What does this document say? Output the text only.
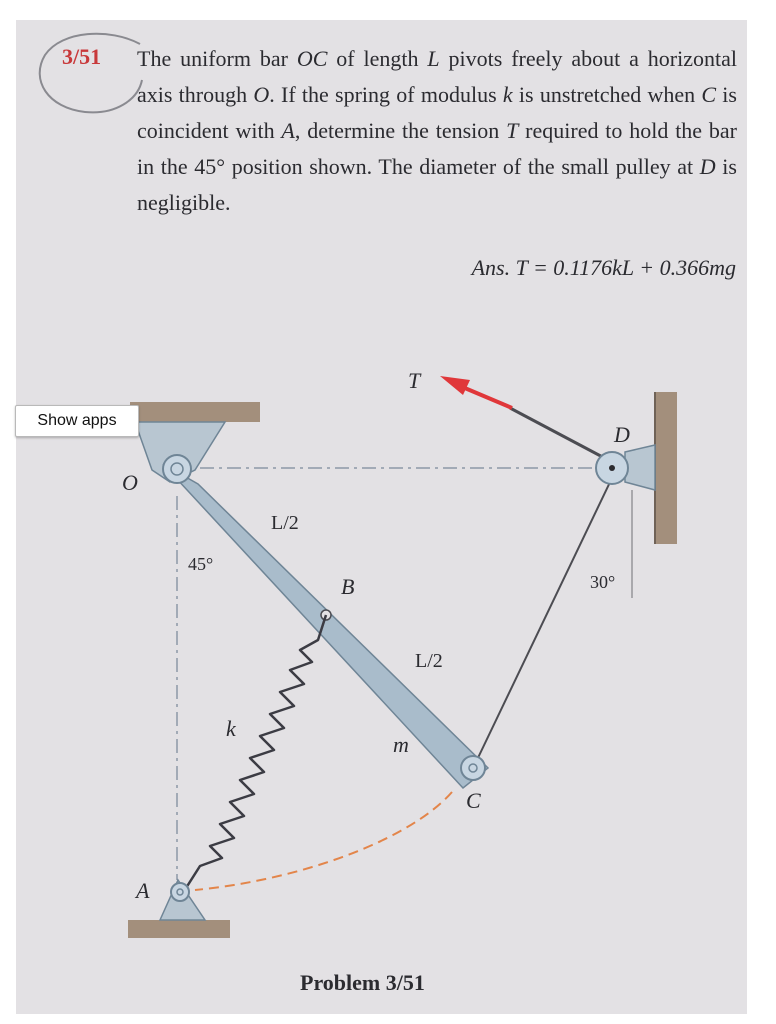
3/51 The uniform bar OC of length L pivots freely about a horizontal axis through O. If the spring of modulus k is unstretched when C is coincident with A, determine the tension T required to hold the bar in the 45° position shown. The diameter of the small pulley at D is negligible.
Ans. T = 0.1176kL + 0.366mg
O
A
B
C
D
T
k
m
L/2
L/2
45°
30°
Problem 3/51
Show apps
